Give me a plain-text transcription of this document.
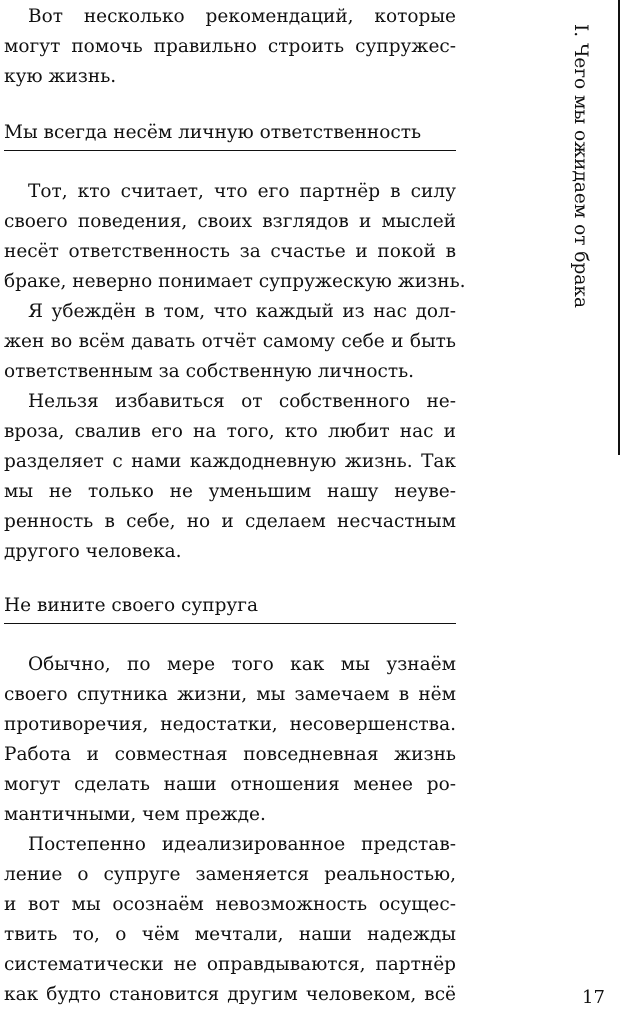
Вот несколько рекомендаций, которые
могут помочь правильно строить супружес-
кую жизнь.
Мы всегда несём личную ответственность
Тот, кто считает, что его партнёр в силу
своего поведения, своих взглядов и мыслей
несёт ответственность за счастье и покой в
браке, неверно понимает супружескую жизнь.
Я убеждён в том, что каждый из нас дол-
жен во всём давать отчёт самому себе и быть
ответственным за собственную личность.
Нельзя избавиться от собственного не-
вроза, свалив его на того, кто любит нас и
разделяет с нами каждодневную жизнь. Так
мы не только не уменьшим нашу неуве-
ренность в себе, но и сделаем несчастным
другого человека.
Не вините своего супруга
Обычно, по мере того как мы узнаём
своего спутника жизни, мы замечаем в нём
противоречия, недостатки, несовершенства.
Работа и совместная повседневная жизнь
могут сделать наши отношения менее ро-
мантичными, чем прежде.
Постепенно идеализированное представ-
ление о супруге заменяется реальностью,
и вот мы осознаём невозможность осущес-
твить то, о чём мечтали, наши надежды
систематически не оправдываются, партнёр
как будто становится другим человеком, всё
I. Чего мы ожидаем от брака
17
